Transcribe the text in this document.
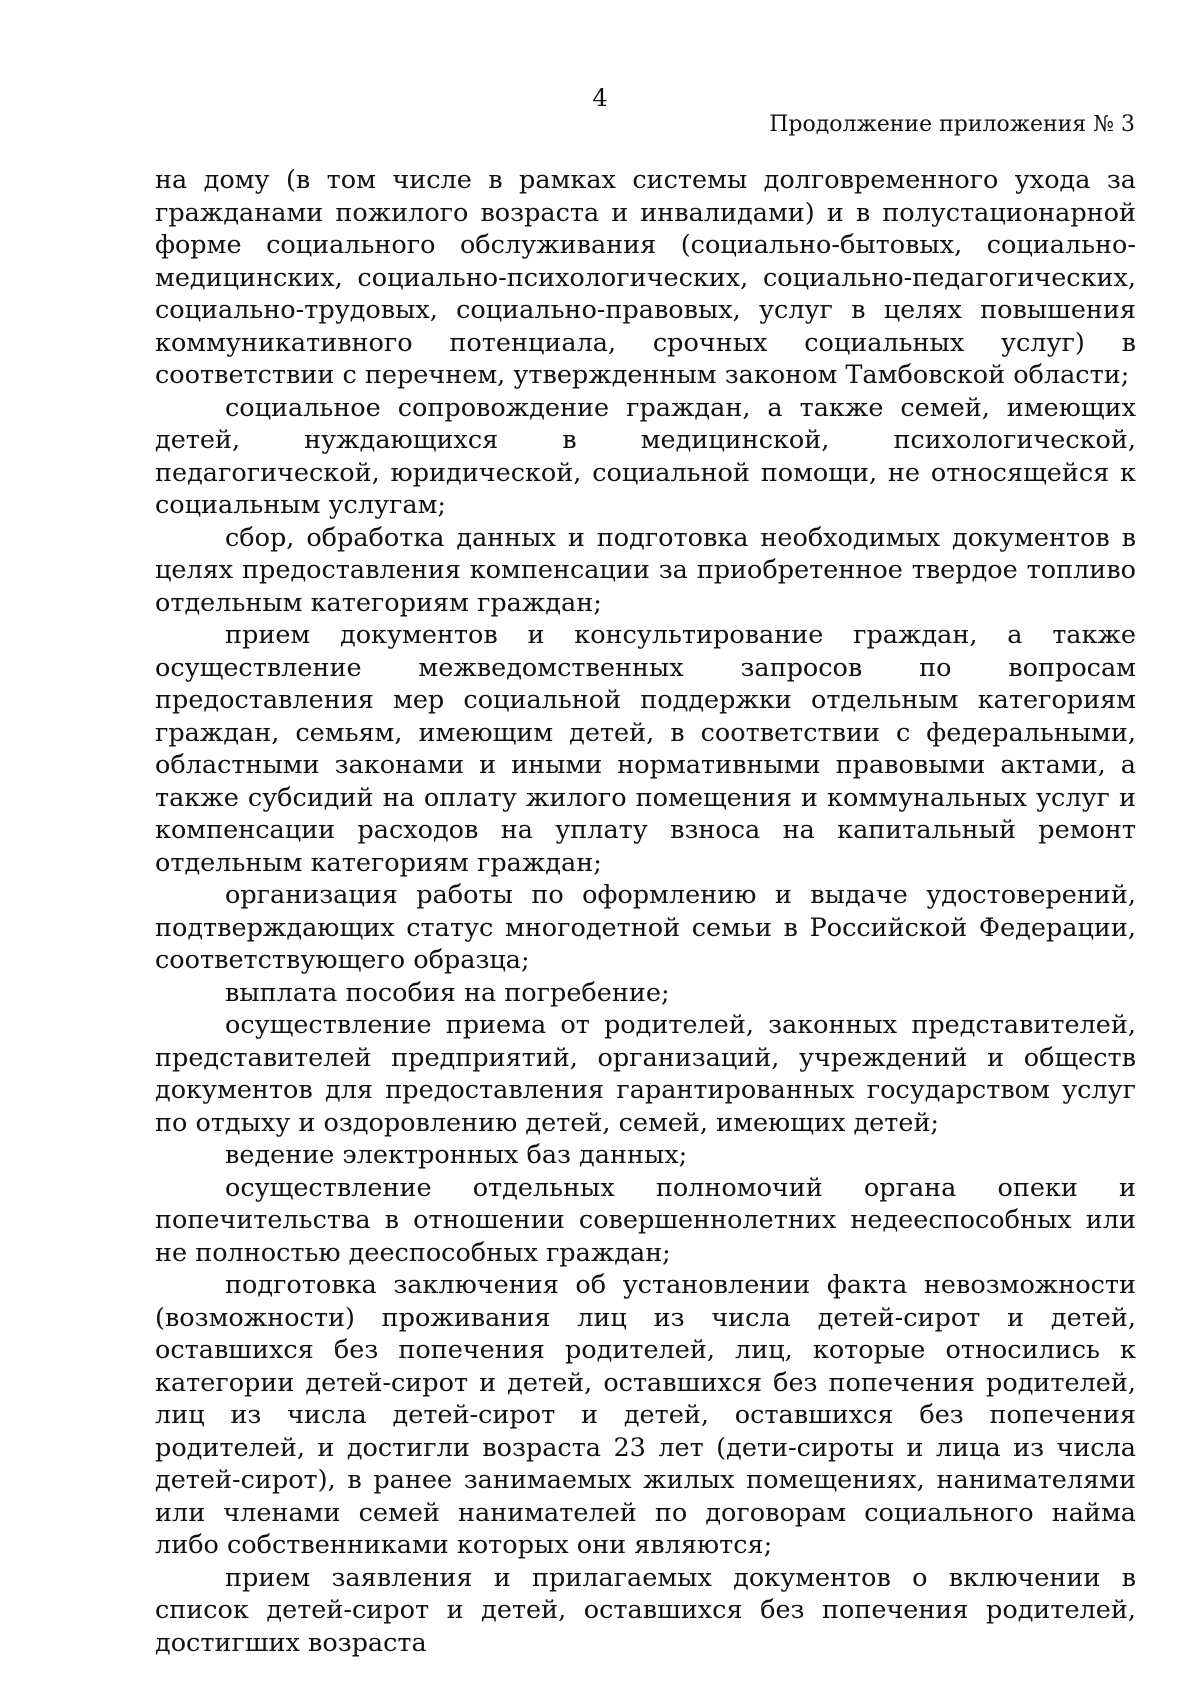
4
Продолжение приложения № 3

на дому (в том числе в рамках системы долговременного ухода за гражданами пожилого возраста и инвалидами) и в полустационарной форме социального обслуживания (социально-бытовых, социально-медицинских, социально-психологических, социально-педагогических, социально-трудовых, социально-правовых, услуг в целях повышения коммуникативного потенциала, срочных социальных услуг) в соответствии с перечнем, утвержденным законом Тамбовской области;

социальное сопровождение граждан, а также семей, имеющих детей, нуждающихся в медицинской, психологической, педагогической, юридической, социальной помощи, не относящейся к социальным услугам;

сбор, обработка данных и подготовка необходимых документов в целях предоставления компенсации за приобретенное твердое топливо отдельным категориям граждан;

прием документов и консультирование граждан, а также осуществление межведомственных запросов по вопросам предоставления мер социальной поддержки отдельным категориям граждан, семьям, имеющим детей, в соответствии с федеральными, областными законами и иными нормативными правовыми актами, а также субсидий на оплату жилого помещения и коммунальных услуг и компенсации расходов на уплату взноса на капитальный ремонт отдельным категориям граждан;

организация работы по оформлению и выдаче удостоверений, подтверждающих статус многодетной семьи в Российской Федерации, соответствующего образца;

выплата пособия на погребение;

осуществление приема от родителей, законных представителей, представителей предприятий, организаций, учреждений и обществ документов для предоставления гарантированных государством услуг по отдыху и оздоровлению детей, семей, имеющих детей;

ведение электронных баз данных;

осуществление отдельных полномочий органа опеки и попечительства в отношении совершеннолетних недееспособных или не полностью дееспособных граждан;

подготовка заключения об установлении факта невозможности (возможности) проживания лиц из числа детей-сирот и детей, оставшихся без попечения родителей, лиц, которые относились к категории детей-сирот и детей, оставшихся без попечения родителей, лиц из числа детей-сирот и детей, оставшихся без попечения родителей, и достигли возраста 23 лет (дети-сироты и лица из числа детей-сирот), в ранее занимаемых жилых помещениях, нанимателями или членами семей нанимателей по договорам социального найма либо собственниками которых они являются;

прием заявления и прилагаемых документов о включении в список детей-сирот и детей, оставшихся без попечения родителей, достигших возраста
